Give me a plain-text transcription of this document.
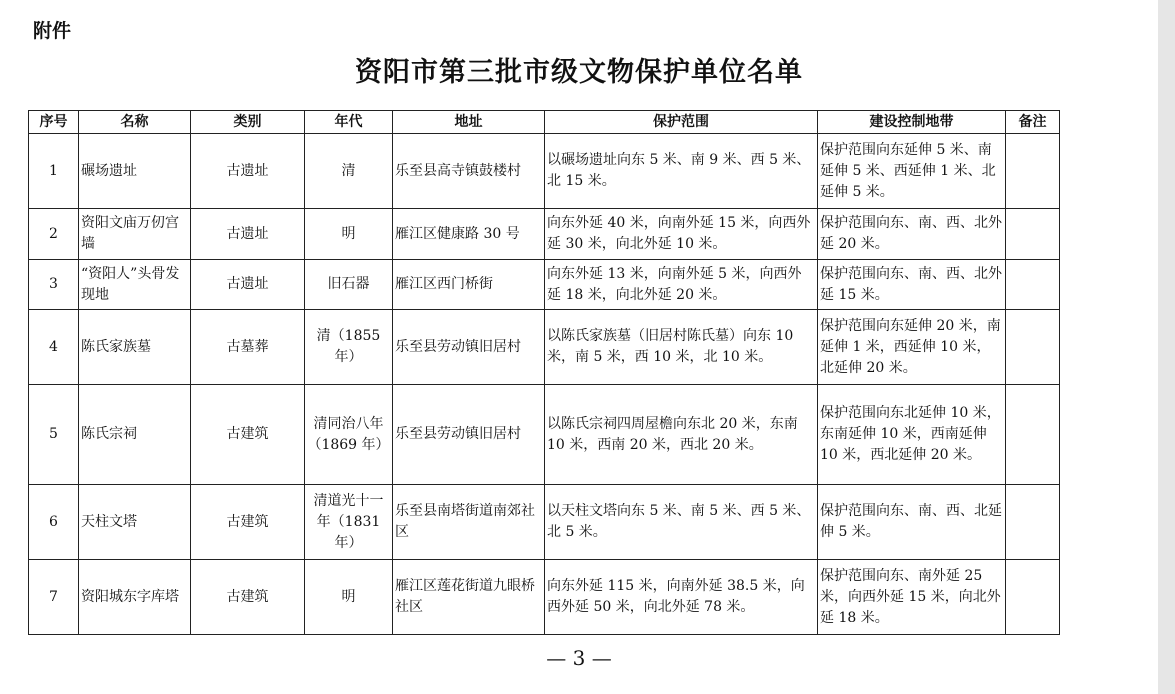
附件
资阳市第三批市级文物保护单位名单
序号	名称	类别	年代	地址	保护范围	建设控制地带	备注
1	碾场遗址	古遗址	清	乐至县高寺镇鼓楼村	以碾场遗址向东 5 米、南 9 米、西 5 米、北 15 米。	保护范围向东延伸 5 米、南延伸 5 米、西延伸 1 米、北延伸 5 米。	
2	资阳文庙万仞宫墙	古遗址	明	雁江区健康路 30 号	向东外延 40 米，向南外延 15 米，向西外延 30 米，向北外延 10 米。	保护范围向东、南、西、北外延 20 米。	
3	“资阳人”头骨发现地	古遗址	旧石器	雁江区西门桥街	向东外延 13 米，向南外延 5 米，向西外延 18 米，向北外延 20 米。	保护范围向东、南、西、北外延 15 米。	
4	陈氏家族墓	古墓葬	清（1855 年）	乐至县劳动镇旧居村	以陈氏家族墓（旧居村陈氏墓）向东 10 米，南 5 米，西 10 米，北 10 米。	保护范围向东延伸 20 米，南延伸 1 米，西延伸 10 米，北延伸 20 米。	
5	陈氏宗祠	古建筑	清同治八年（1869 年）	乐至县劳动镇旧居村	以陈氏宗祠四周屋檐向东北 20 米，东南 10 米，西南 20 米，西北 20 米。	保护范围向东北延伸 10 米，东南延伸 10 米，西南延伸 10 米，西北延伸 20 米。	
6	天柱文塔	古建筑	清道光十一年（1831 年）	乐至县南塔街道南郊社区	以天柱文塔向东 5 米、南 5 米、西 5 米、北 5 米。	保护范围向东、南、西、北延伸 5 米。	
7	资阳城东字库塔	古建筑	明	雁江区莲花街道九眼桥社区	向东外延 115 米，向南外延 38.5 米，向西外延 50 米，向北外延 78 米。	保护范围向东、南外延 25 米，向西外延 15 米，向北外延 18 米。	
— 3 —
